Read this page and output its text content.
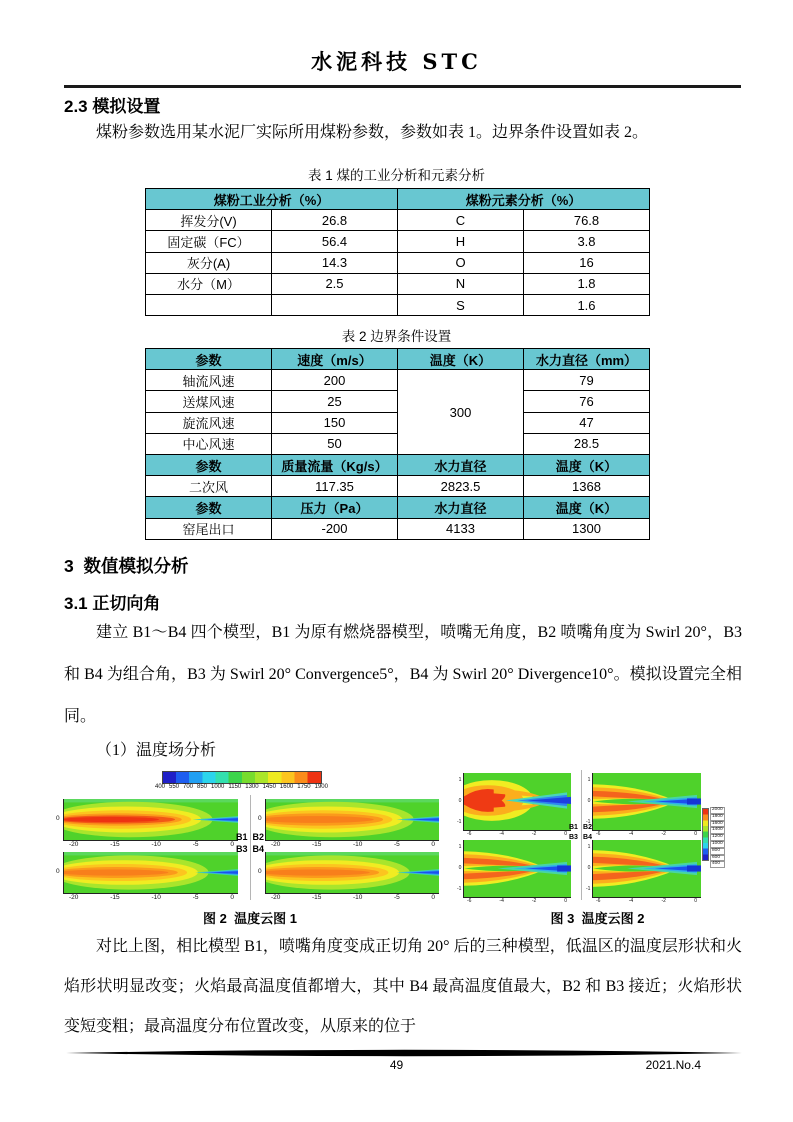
水泥科技 STC
2.3 模拟设置
煤粉参数选用某水泥厂实际所用煤粉参数，参数如表 1。边界条件设置如表 2。
表 1 煤的工业分析和元素分析
煤粉工业分析（%）		煤粉元素分析（%）	
挥发分(V)	26.8	C	76.8
固定碳（FC）	56.4	H	3.8
灰分(A)	14.3	O	16
水分（M）	2.5	N	1.8
		S	1.6
表 2 边界条件设置
参数	速度（m/s）	温度（K）	水力直径（mm）
轴流风速	200	300	79
送煤风速	25		76
旋流风速	150		47
中心风速	50		28.5
参数	质量流量（Kg/s）	水力直径	温度（K）
二次风	117.35	2823.5	1368
参数	压力（Pa）	水力直径	温度（K）
窑尾出口	-200	4133	1300
3  数值模拟分析
3.1 正切向角
建立 B1～B4 四个模型，B1 为原有燃烧器模型，喷嘴无角度，B2 喷嘴角度为 Swirl 20°，B3 和 B4 为组合角，B3 为 Swirl 20° Convergence5°，B4 为 Swirl 20° Divergence10°。模拟设置完全相同。
（1）温度场分析
400 550 700 850 1000 1150 1300 1450 1600 1750 1900
0	0
0	0
-20	-15	-10	-5	0	-20	-15	-10	-5	0
-20	-15	-10	-5	0	-20	-15	-10	-5	0
B1 B2
B3 B4
1
0
-1
1
0
-1
1
0
-1
1
0
-1
-6	-4	-2	0	-6	-4	-2	0
-6	-4	-2	0	-6	-4	-2	0
B1 B2
B3 B4
2000
1800
1600
1400
1200
1000
800
600
400
图 2  温度云图 1	图 3  温度云图 2
对比上图，相比模型 B1，喷嘴角度变成正切角 20° 后的三种模型，低温区的温度层形状和火焰形状明显改变；火焰最高温度值都增大，其中 B4 最高温度值最大，B2 和 B3 接近；火焰形状变短变粗；最高温度分布位置改变，从原来的位于
49	2021.No.4
